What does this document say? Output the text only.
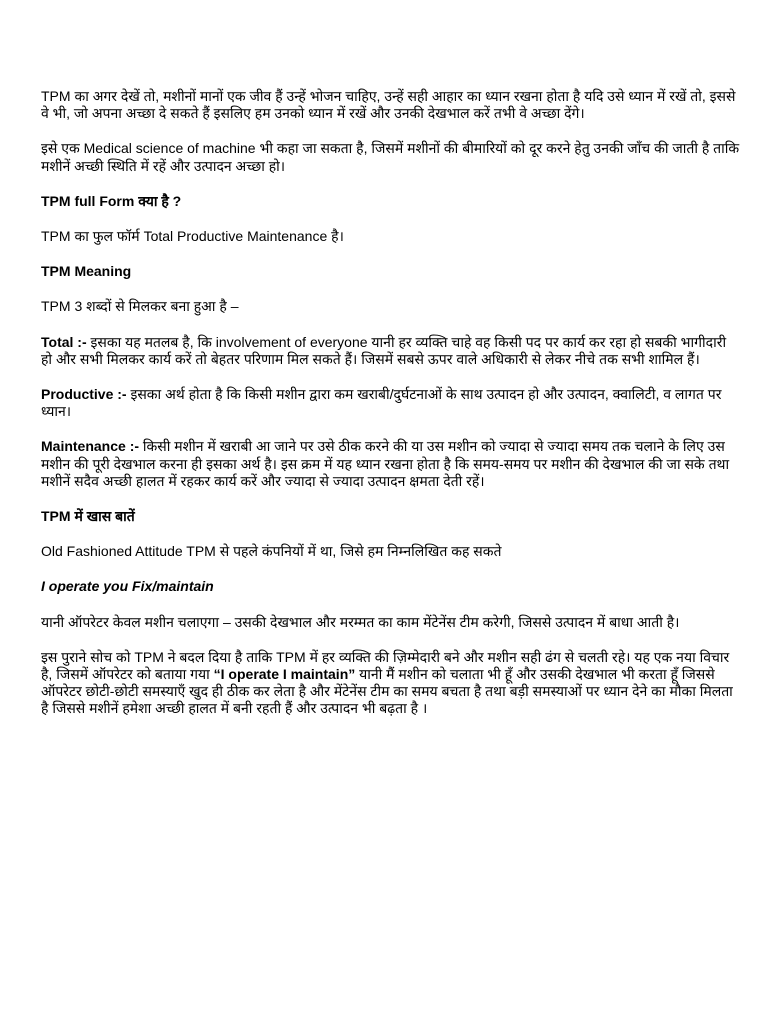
TPM का अगर देखें तो, मशीनों मानों एक जीव हैं उन्हें भोजन चाहिए, उन्हें सही आहार का ध्यान रखना होता है यदि उसे ध्यान में रखें तो, इससे वे भी, जो अपना अच्छा दे सकते हैं इसलिए हम उनको ध्यान में रखें और उनकी देखभाल करें तभी वे अच्छा देंगे।

इसे एक Medical science of machine भी कहा जा सकता है, जिसमें मशीनों की बीमारियों को दूर करने हेतु उनकी जाँच की जाती है ताकि मशीनें अच्छी स्थिति में रहें और उत्पादन अच्छा हो।

TPM full Form क्या है ?

TPM का फुल फॉर्म Total Productive Maintenance है।

TPM Meaning

TPM 3 शब्दों से मिलकर बना हुआ है –

Total :- इसका यह मतलब है, कि involvement of everyone यानी हर व्यक्ति चाहे वह किसी पद पर कार्य कर रहा हो सबकी भागीदारी हो और सभी मिलकर कार्य करें तो बेहतर परिणाम मिल सकते हैं। जिसमें सबसे ऊपर वाले अधिकारी से लेकर नीचे तक सभी शामिल हैं।

Productive :- इसका अर्थ होता है कि किसी मशीन द्वारा कम खराबी/दुर्घटनाओं के साथ उत्पादन हो और उत्पादन, क्वालिटी, व लागत पर ध्यान।

Maintenance :- किसी मशीन में खराबी आ जाने पर उसे ठीक करने की या उस मशीन को ज्यादा से ज्यादा समय तक चलाने के लिए उस मशीन की पूरी देखभाल करना ही इसका अर्थ है। इस क्रम में यह ध्यान रखना होता है कि समय-समय पर मशीन की देखभाल की जा सके तथा मशीनें सदैव अच्छी हालत में रहकर कार्य करें और ज्यादा से ज्यादा उत्पादन क्षमता देती रहें।

TPM में खास बातें

Old Fashioned Attitude TPM से पहले कंपनियों में था, जिसे हम निम्नलिखित कह सकते

I operate you Fix/maintain

यानी ऑपरेटर केवल मशीन चलाएगा – उसकी देखभाल और मरम्मत का काम मेंटेनेंस टीम करेगी, जिससे उत्पादन में बाधा आती है।

इस पुराने सोच को TPM ने बदल दिया है ताकि TPM में हर व्यक्ति की ज़िम्मेदारी बने और मशीन सही ढंग से चलती रहे। यह एक नया विचार है, जिसमें ऑपरेटर को बताया गया “I operate I maintain” यानी मैं मशीन को चलाता भी हूँ और उसकी देखभाल भी करता हूँ जिससे ऑपरेटर छोटी-छोटी समस्याएँ खुद ही ठीक कर लेता है और मेंटेनेंस टीम का समय बचता है तथा बड़ी समस्याओं पर ध्यान देने का मौका मिलता है जिससे मशीनें हमेशा अच्छी हालत में बनी रहती हैं और उत्पादन भी बढ़ता है ।
